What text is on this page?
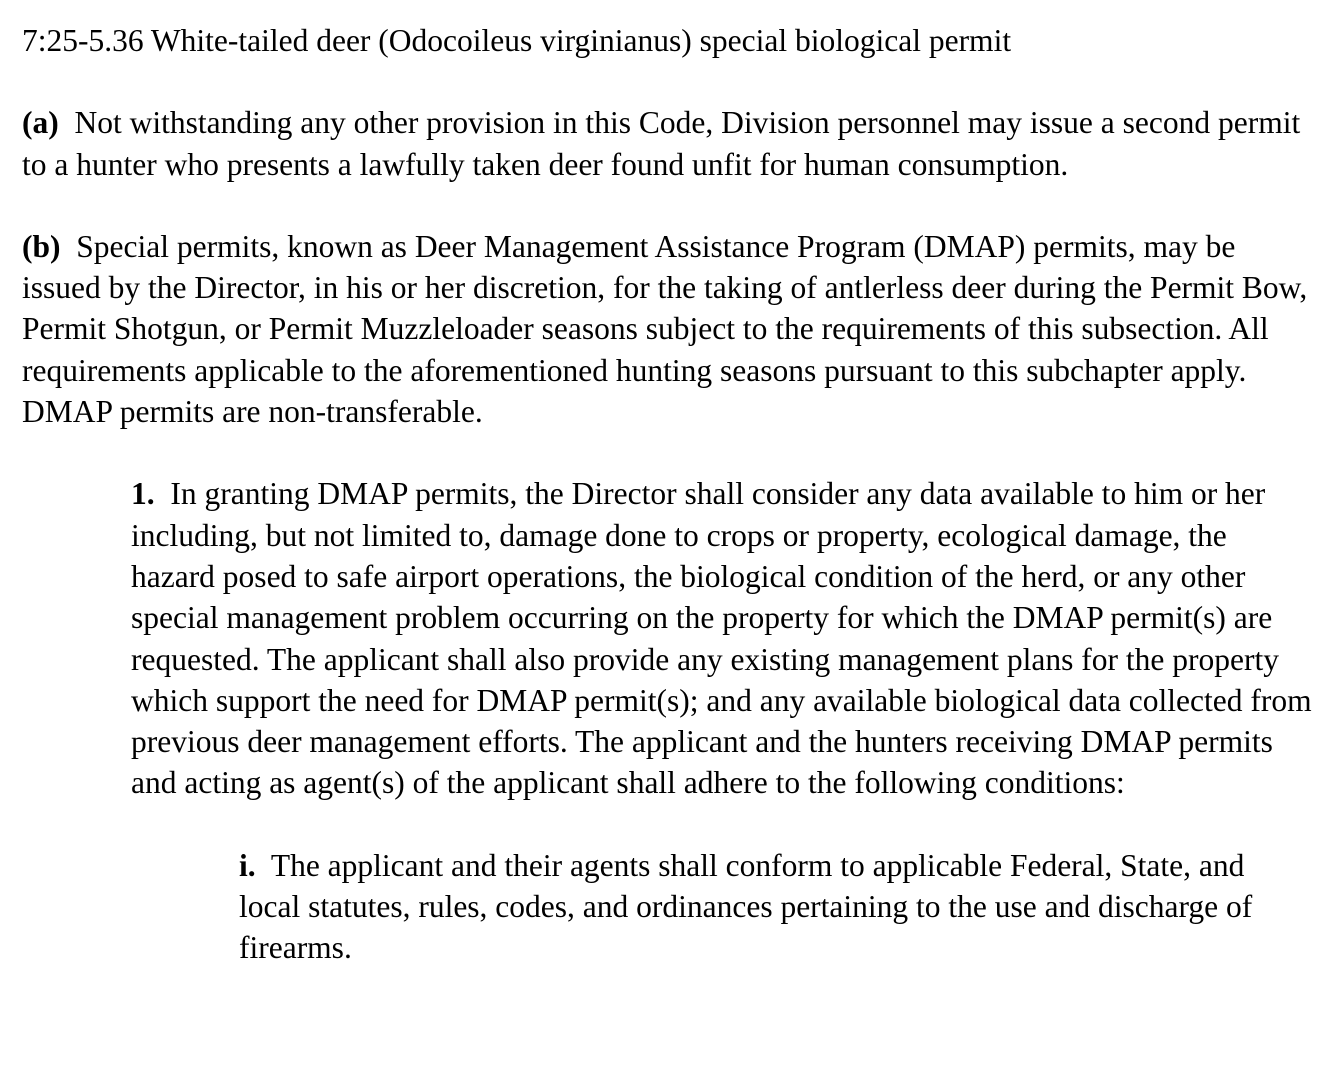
7:25-5.36 White-tailed deer (Odocoileus virginianus) special biological permit

(a) Not withstanding any other provision in this Code, Division personnel may issue a second permit to a hunter who presents a lawfully taken deer found unfit for human consumption.

(b) Special permits, known as Deer Management Assistance Program (DMAP) permits, may be issued by the Director, in his or her discretion, for the taking of antlerless deer during the Permit Bow, Permit Shotgun, or Permit Muzzleloader seasons subject to the requirements of this subsection. All requirements applicable to the aforementioned hunting seasons pursuant to this subchapter apply. DMAP permits are non-transferable.

1. In granting DMAP permits, the Director shall consider any data available to him or her including, but not limited to, damage done to crops or property, ecological damage, the hazard posed to safe airport operations, the biological condition of the herd, or any other special management problem occurring on the property for which the DMAP permit(s) are requested. The applicant shall also provide any existing management plans for the property which support the need for DMAP permit(s); and any available biological data collected from previous deer management efforts. The applicant and the hunters receiving DMAP permits and acting as agent(s) of the applicant shall adhere to the following conditions:

i. The applicant and their agents shall conform to applicable Federal, State, and local statutes, rules, codes, and ordinances pertaining to the use and discharge of firearms.
